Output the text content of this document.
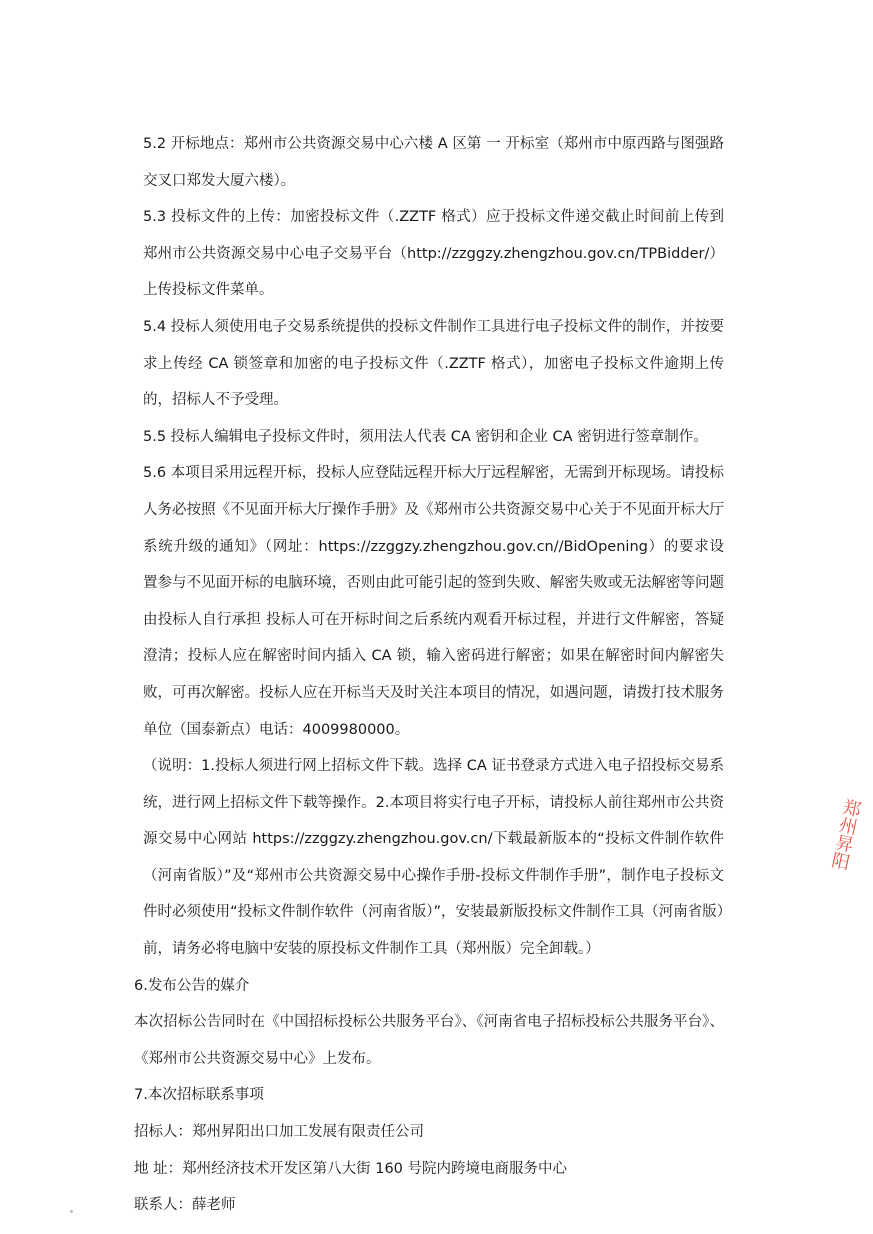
5.2 开标地点：郑州市公共资源交易中心六楼 A 区第 一 开标室（郑州市中原西路与图强路交叉口郑发大厦六楼）。

5.3 投标文件的上传：加密投标文件（.ZZTF 格式）应于投标文件递交截止时间前上传到郑州市公共资源交易中心电子交易平台（http://zzggzy.zhengzhou.gov.cn/TPBidder/）上传投标文件菜单。

5.4 投标人须使用电子交易系统提供的投标文件制作工具进行电子投标文件的制作，并按要求上传经 CA 锁签章和加密的电子投标文件（.ZZTF 格式），加密电子投标文件逾期上传的，招标人不予受理。

5.5 投标人编辑电子投标文件时，须用法人代表 CA 密钥和企业 CA 密钥进行签章制作。

5.6 本项目采用远程开标，投标人应登陆远程开标大厅远程解密，无需到开标现场。请投标人务必按照《不见面开标大厅操作手册》及《郑州市公共资源交易中心关于不见面开标大厅系统升级的通知》（网址：https://zzggzy.zhengzhou.gov.cn//BidOpening）的要求设置参与不见面开标的电脑环境，否则由此可能引起的签到失败、解密失败或无法解密等问题由投标人自行承担 投标人可在开标时间之后系统内观看开标过程，并进行文件解密，答疑澄清；投标人应在解密时间内插入 CA 锁，输入密码进行解密；如果在解密时间内解密失败，可再次解密。投标人应在开标当天及时关注本项目的情况，如遇问题，请拨打技术服务单位（国泰新点）电话：4009980000。

（说明：1.投标人须进行网上招标文件下载。选择 CA 证书登录方式进入电子招投标交易系统，进行网上招标文件下载等操作。2.本项目将实行电子开标，请投标人前往郑州市公共资源交易中心网站 https://zzggzy.zhengzhou.gov.cn/下载最新版本的“投标文件制作软件（河南省版）”及“郑州市公共资源交易中心操作手册-投标文件制作手册”，制作电子投标文件时必须使用“投标文件制作软件（河南省版）”，安装最新版投标文件制作工具（河南省版）前，请务必将电脑中安装的原投标文件制作工具（郑州版）完全卸载。）

6.发布公告的媒介

本次招标公告同时在《中国招标投标公共服务平台》、《河南省电子招标投标公共服务平台》、《郑州市公共资源交易中心》上发布。

7.本次招标联系事项

招标人：郑州昇阳出口加工发展有限责任公司

地 址：郑州经济技术开发区第八大街 160 号院内跨境电商服务中心

联系人：薛老师

郑州昇阳
